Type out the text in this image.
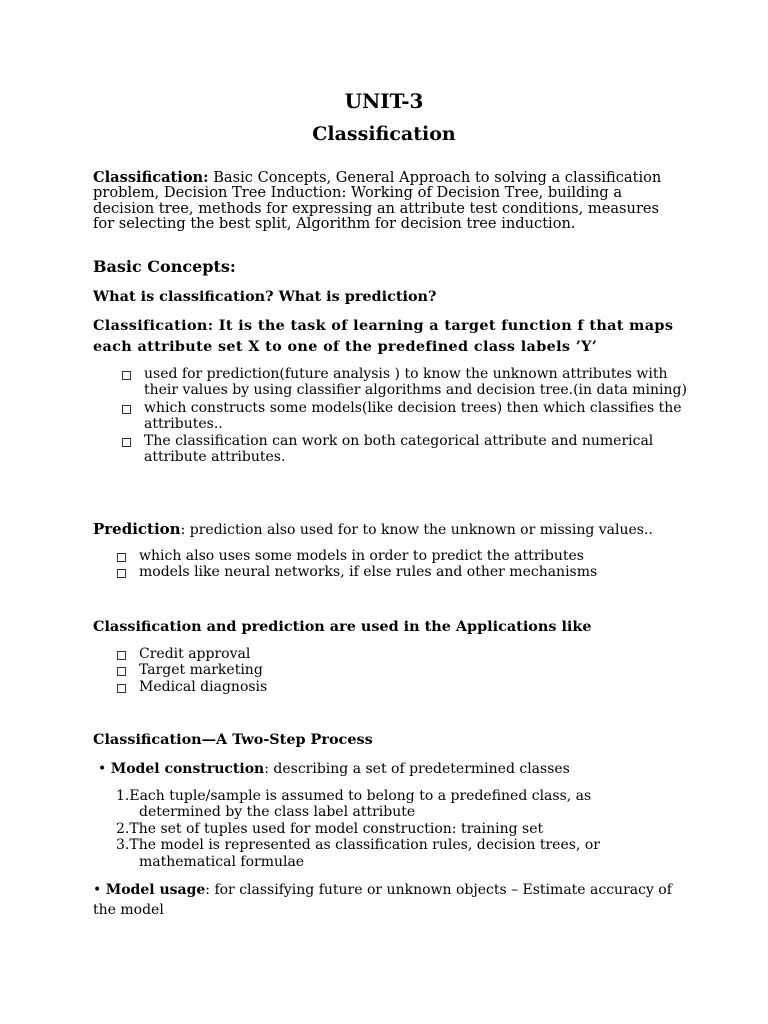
UNIT-3
Classification
Classification: Basic Concepts, General Approach to solving a classification problem, Decision Tree Induction: Working of Decision Tree, building a decision tree, methods for expressing an attribute test conditions, measures for selecting the best split, Algorithm for decision tree induction.
Basic Concepts:
What is classification? What is prediction?
Classification: It is the task of learning a target function f that maps each attribute set X to one of the predefined class labels ’Y’
used for prediction(future analysis ) to know the unknown attributes with their values by using classifier algorithms and decision tree.(in data mining)
which constructs some models(like decision trees) then which classifies the attributes..
The classification can work on both categorical attribute and numerical attribute attributes.
Prediction: prediction also used for to know the unknown or missing values..
which also uses some models in order to predict the attributes
models like neural networks, if else rules and other mechanisms
Classification and prediction are used in the Applications like
Credit approval
Target marketing
Medical diagnosis
Classification—A Two-Step Process
• Model construction: describing a set of predetermined classes
1.Each tuple/sample is assumed to belong to a predefined class, as
determined by the class label attribute
2.The set of tuples used for model construction: training set
3.The model is represented as classification rules, decision trees, or
mathematical formulae
• Model usage: for classifying future or unknown objects – Estimate accuracy of the model
